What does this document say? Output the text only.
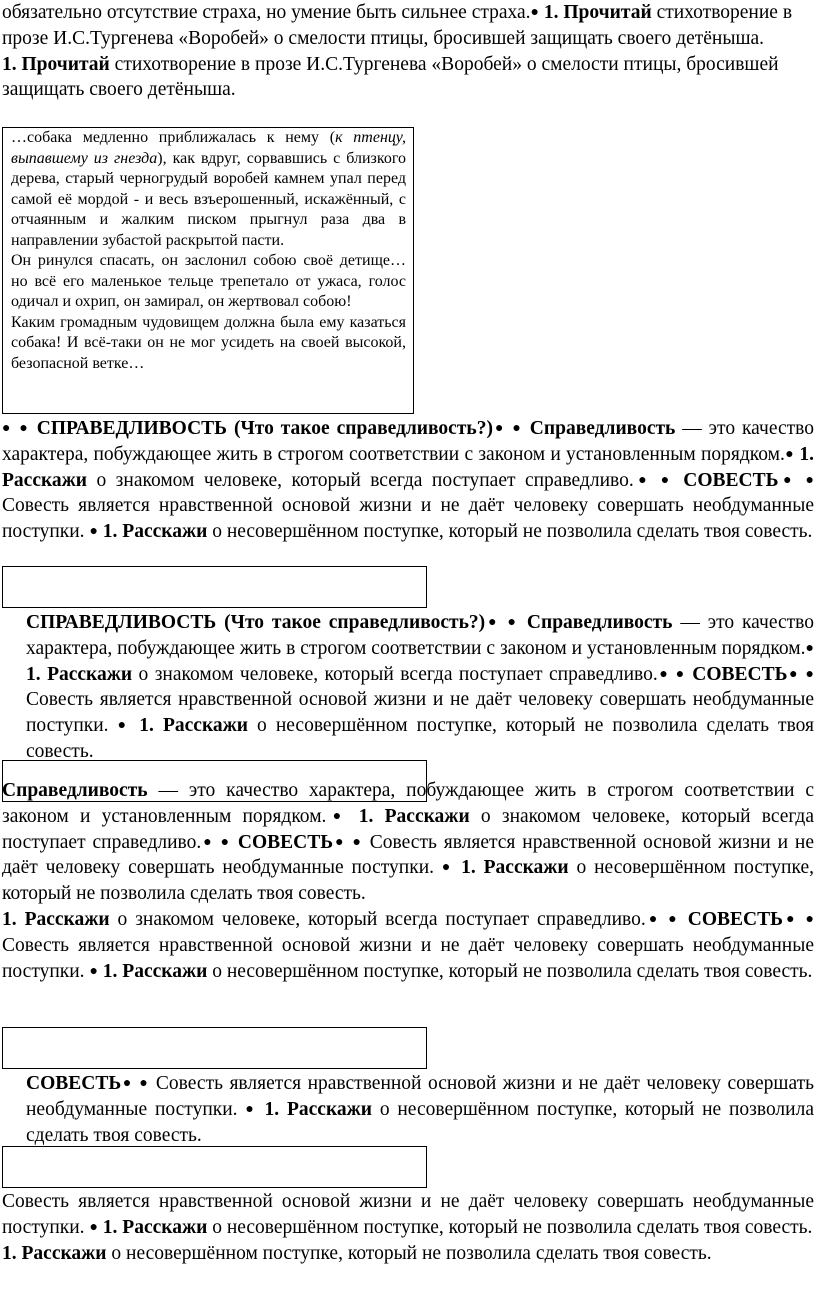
обязательно отсутствие страха, но умение быть сильнее страха.● 1. Прочитай стихотворение в прозе И.С.Тургенева «Воробей» о смелости птицы, бросившей защищать своего детёныша.

1. Прочитай стихотворение в прозе И.С.Тургенева «Воробей» о смелости птицы, бросившей защищать своего детёныша.

…собака медленно приближалась к нему (к птенцу, выпавшему из гнезда), как вдруг, сорвавшись с близкого дерева, старый черногрудый воробей камнем упал перед самой её мордой - и весь взъерошенный, искажённый, с отчаянным и жалким писком прыгнул раза два в направлении зубастой раскрытой пасти.

Он ринулся спасать, он заслонил собою своё детище… но всё его маленькое тельце трепетало от ужаса, голос одичал и охрип, он замирал, он жертвовал собою!

Каким громадным чудовищем должна была ему казаться собака! И всё-таки он не мог усидеть на своей высокой, безопасной ветке…

● ● СПРАВЕДЛИВОСТЬ (Что такое справедливость?)● ● Справедливость — это качество характера, побуждающее жить в строгом соответствии с законом и установленным порядком.● 1. Расскажи о знакомом человеке, который всегда поступает справедливо.● ● СОВЕСТЬ● ● Совесть является нравственной основой жизни и не даёт человеку совершать необдуманные поступки. ● 1. Расскажи о несовершённом поступке, который не позволила сделать твоя совесть.

СПРАВЕДЛИВОСТЬ (Что такое справедливость?)● ● Справедливость — это качество характера, побуждающее жить в строгом соответствии с законом и установленным порядком.● 1. Расскажи о знакомом человеке, который всегда поступает справедливо.● ● СОВЕСТЬ● ● Совесть является нравственной основой жизни и не даёт человеку совершать необдуманные поступки. ● 1. Расскажи о несовершённом поступке, который не позволила сделать твоя совесть.

Справедливость — это качество характера, побуждающее жить в строгом соответствии с законом и установленным порядком.● 1. Расскажи о знакомом человеке, который всегда поступает справедливо.● ● СОВЕСТЬ● ● Совесть является нравственной основой жизни и не даёт человеку совершать необдуманные поступки. ● 1. Расскажи о несовершённом поступке, который не позволила сделать твоя совесть.

1. Расскажи о знакомом человеке, который всегда поступает справедливо.● ● СОВЕСТЬ● ● Совесть является нравственной основой жизни и не даёт человеку совершать необдуманные поступки. ● 1. Расскажи о несовершённом поступке, который не позволила сделать твоя совесть.

СОВЕСТЬ● ● Совесть является нравственной основой жизни и не даёт человеку совершать необдуманные поступки. ● 1. Расскажи о несовершённом поступке, который не позволила сделать твоя совесть.

Совесть является нравственной основой жизни и не даёт человеку совершать необдуманные поступки. ● 1. Расскажи о несовершённом поступке, который не позволила сделать твоя совесть.

1. Расскажи о несовершённом поступке, который не позволила сделать твоя совесть.
